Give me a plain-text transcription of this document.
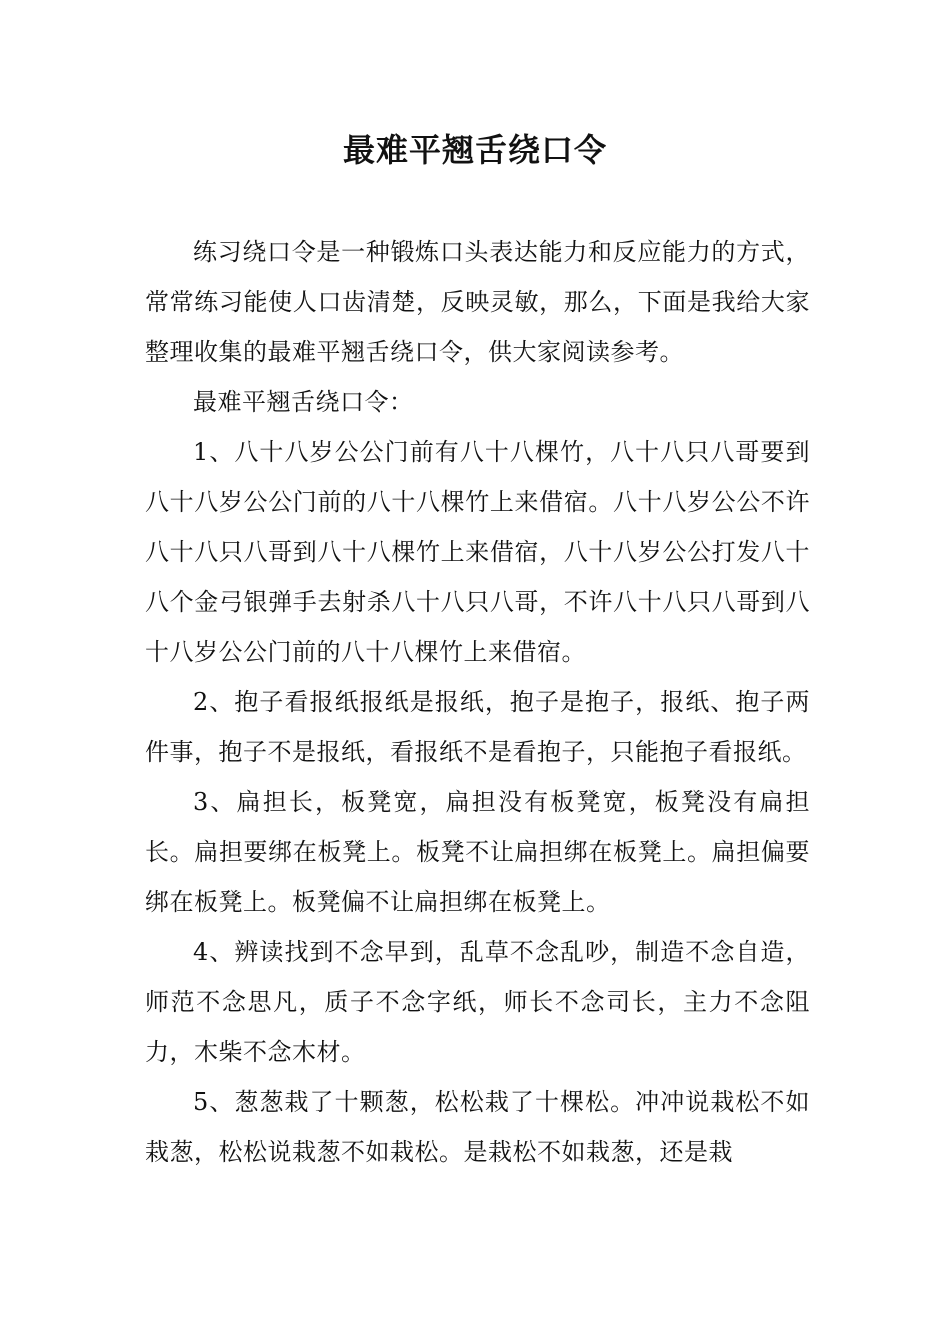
最难平翘舌绕口令

练习绕口令是一种锻炼口头表达能力和反应能力的方式，常常练习能使人口齿清楚，反映灵敏，那么，下面是我给大家整理收集的最难平翘舌绕口令，供大家阅读参考。

最难平翘舌绕口令：

1、八十八岁公公门前有八十八棵竹，八十八只八哥要到八十八岁公公门前的八十八棵竹上来借宿。八十八岁公公不许八十八只八哥到八十八棵竹上来借宿，八十八岁公公打发八十八个金弓银弹手去射杀八十八只八哥，不许八十八只八哥到八十八岁公公门前的八十八棵竹上来借宿。

2、抱子看报纸报纸是报纸，抱子是抱子，报纸、抱子两件事，抱子不是报纸，看报纸不是看抱子，只能抱子看报纸。

3、扁担长，板凳宽，扁担没有板凳宽，板凳没有扁担长。扁担要绑在板凳上。板凳不让扁担绑在板凳上。扁担偏要绑在板凳上。板凳偏不让扁担绑在板凳上。

4、辨读找到不念早到，乱草不念乱吵，制造不念自造，师范不念思凡，质子不念字纸，师长不念司长，主力不念阻力，木柴不念木材。

5、葱葱栽了十颗葱，松松栽了十棵松。冲冲说栽松不如栽葱，松松说栽葱不如栽松。是栽松不如栽葱，还是栽
